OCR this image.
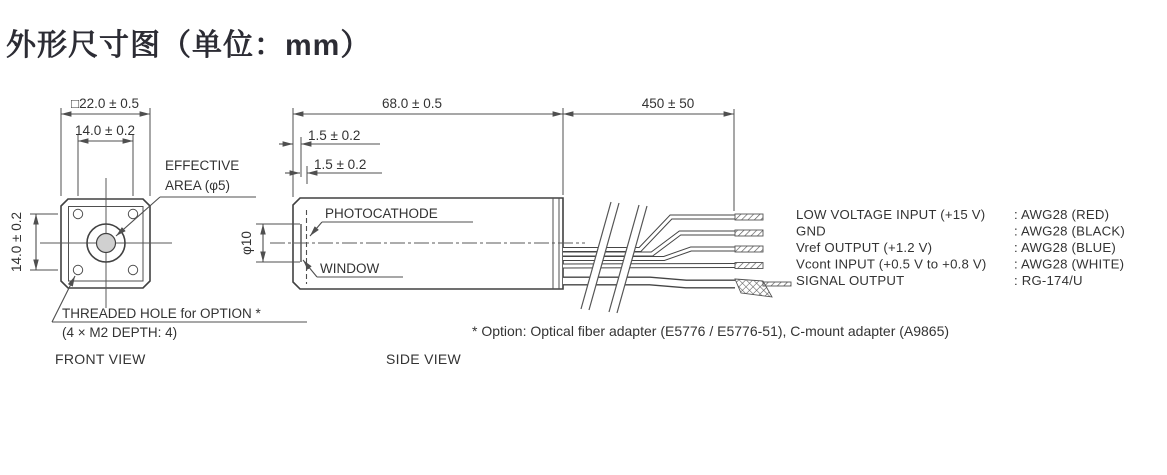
外形尺寸图（单位：mm）
□22.0 ± 0.5
14.0 ± 0.2
14.0 ± 0.2
EFFECTIVE
AREA (φ5)
THREADED HOLE for OPTION *
(4 × M2 DEPTH: 4)
FRONT VIEW
68.0 ± 0.5	450 ± 50
1.5 ± 0.2
1.5 ± 0.2
φ10
PHOTOCATHODE
WINDOW
SIDE VIEW
LOW VOLTAGE INPUT (+15 V) : AWG28 (RED)
GND	: AWG28 (BLACK)
Vref OUTPUT (+1.2 V)	: AWG28 (BLUE)
Vcont INPUT (+0.5 V to +0.8 V) : AWG28 (WHITE)
SIGNAL OUTPUT	: RG-174/U
* Option: Optical fiber adapter (E5776 / E5776-51), C-mount adapter (A9865)
